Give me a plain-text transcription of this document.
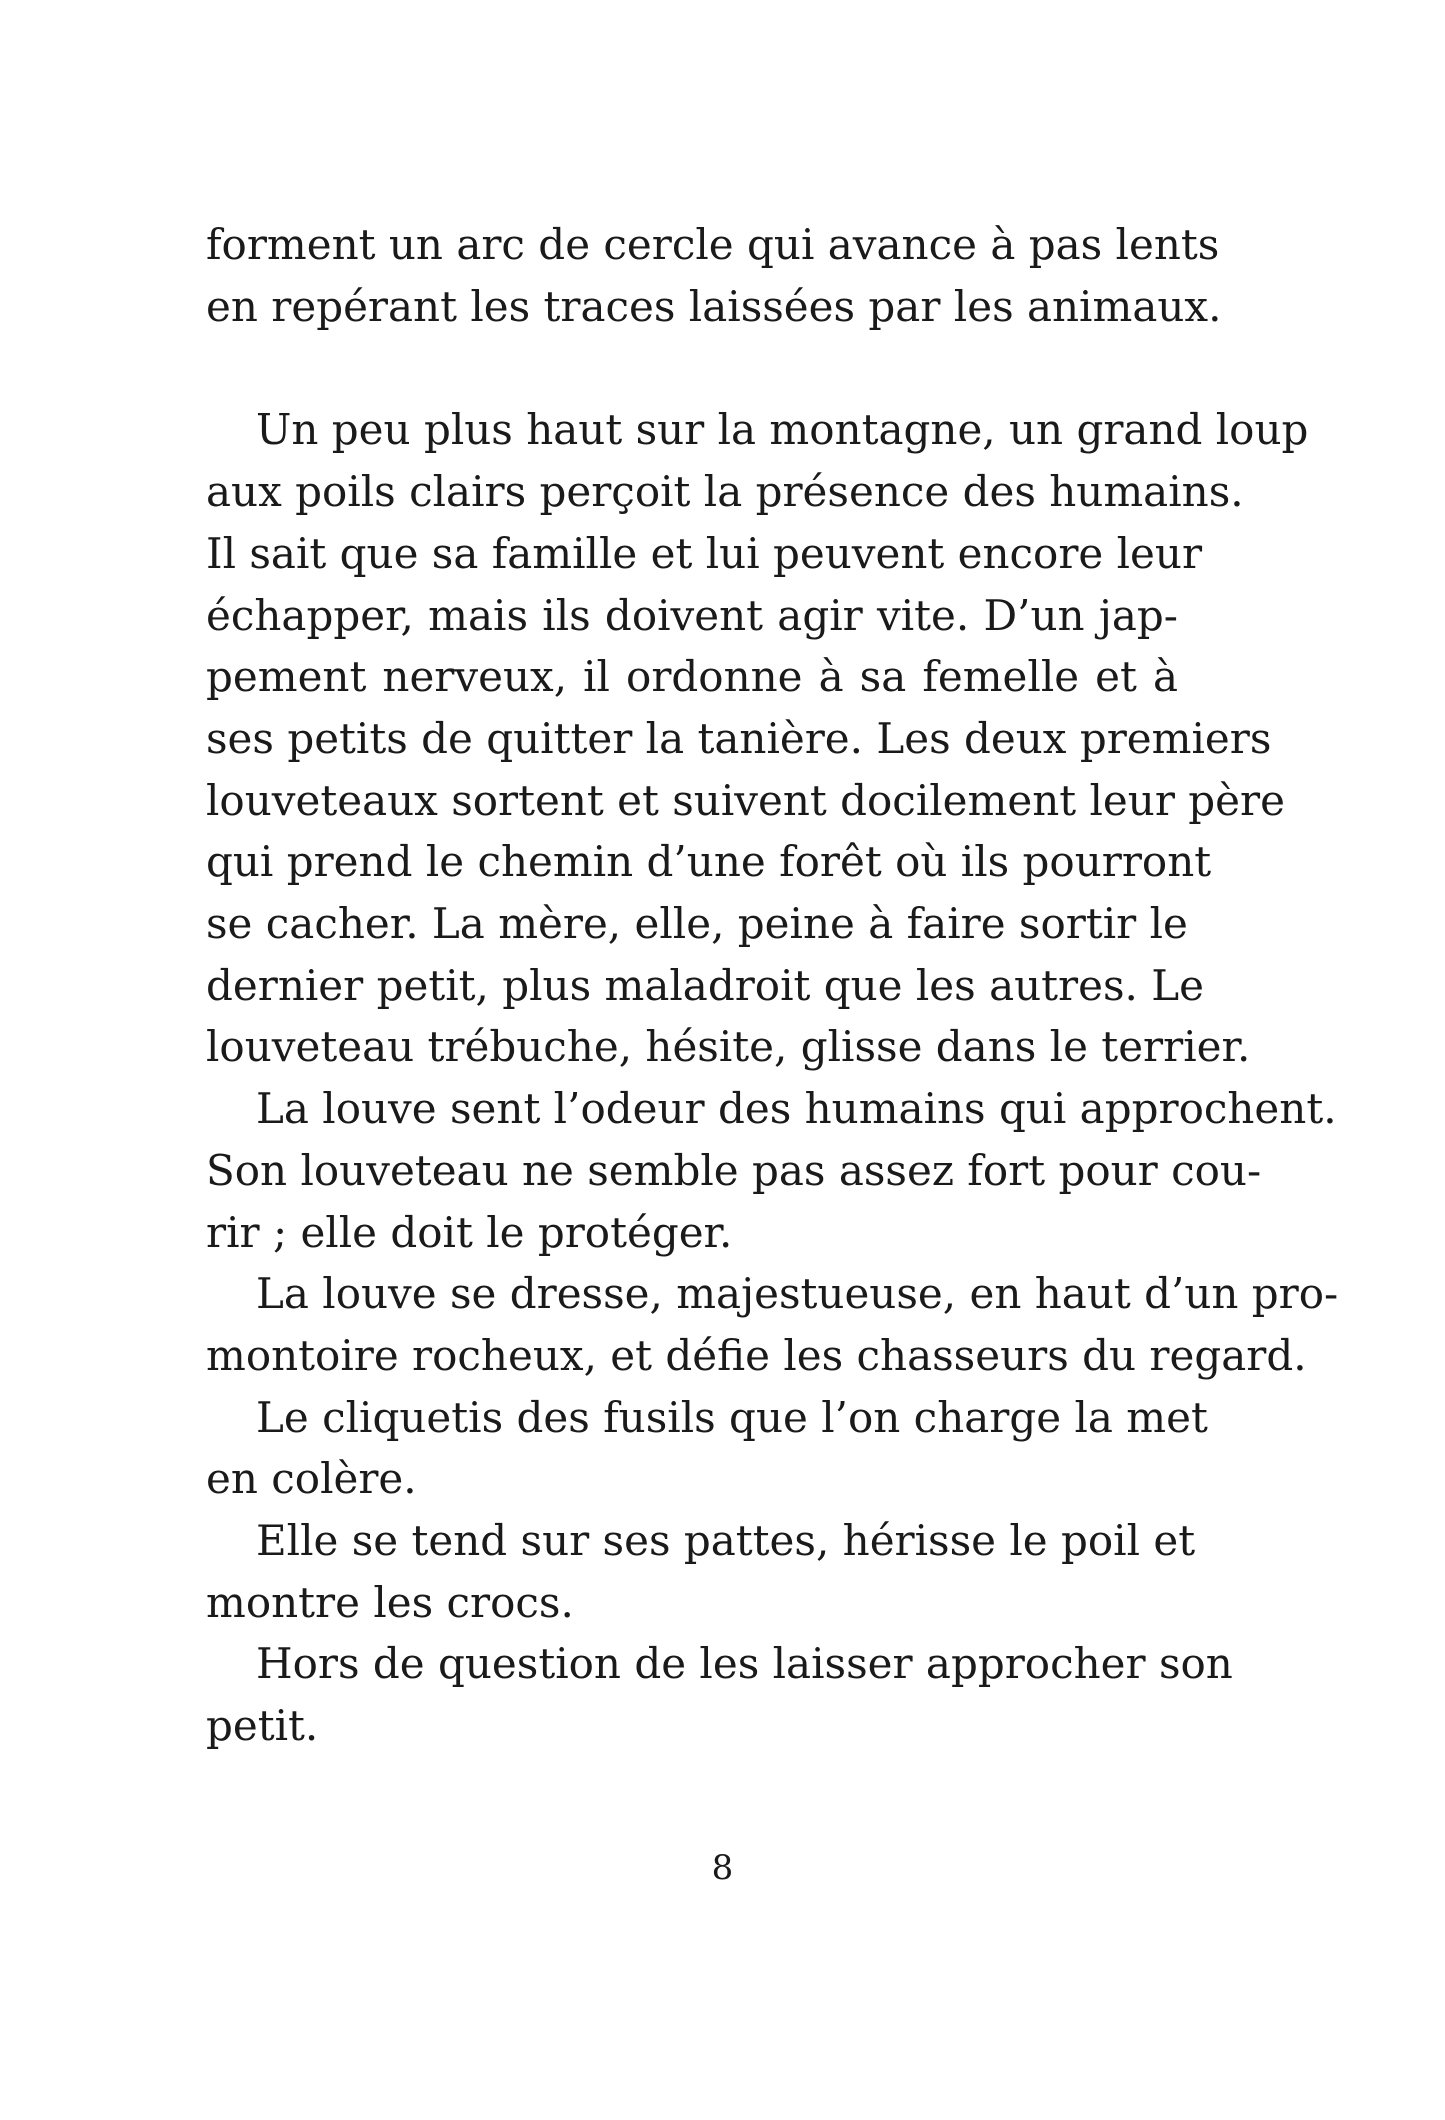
forment un arc de cercle qui avance à pas lents
en repérant les traces laissées par les animaux.
Un peu plus haut sur la montagne, un grand loup
aux poils clairs perçoit la présence des humains.
Il sait que sa famille et lui peuvent encore leur
échapper, mais ils doivent agir vite. D’un jap-
pement nerveux, il ordonne à sa femelle et à
ses petits de quitter la tanière. Les deux premiers
louveteaux sortent et suivent docilement leur père
qui prend le chemin d’une forêt où ils pourront
se cacher. La mère, elle, peine à faire sortir le
dernier petit, plus maladroit que les autres. Le
louveteau trébuche, hésite, glisse dans le terrier.
La louve sent l’odeur des humains qui approchent.
Son louveteau ne semble pas assez fort pour cou-
rir ; elle doit le protéger.
La louve se dresse, majestueuse, en haut d’un pro-
montoire rocheux, et défie les chasseurs du regard.
Le cliquetis des fusils que l’on charge la met
en colère.
Elle se tend sur ses pattes, hérisse le poil et
montre les crocs.
Hors de question de les laisser approcher son
petit.
8
